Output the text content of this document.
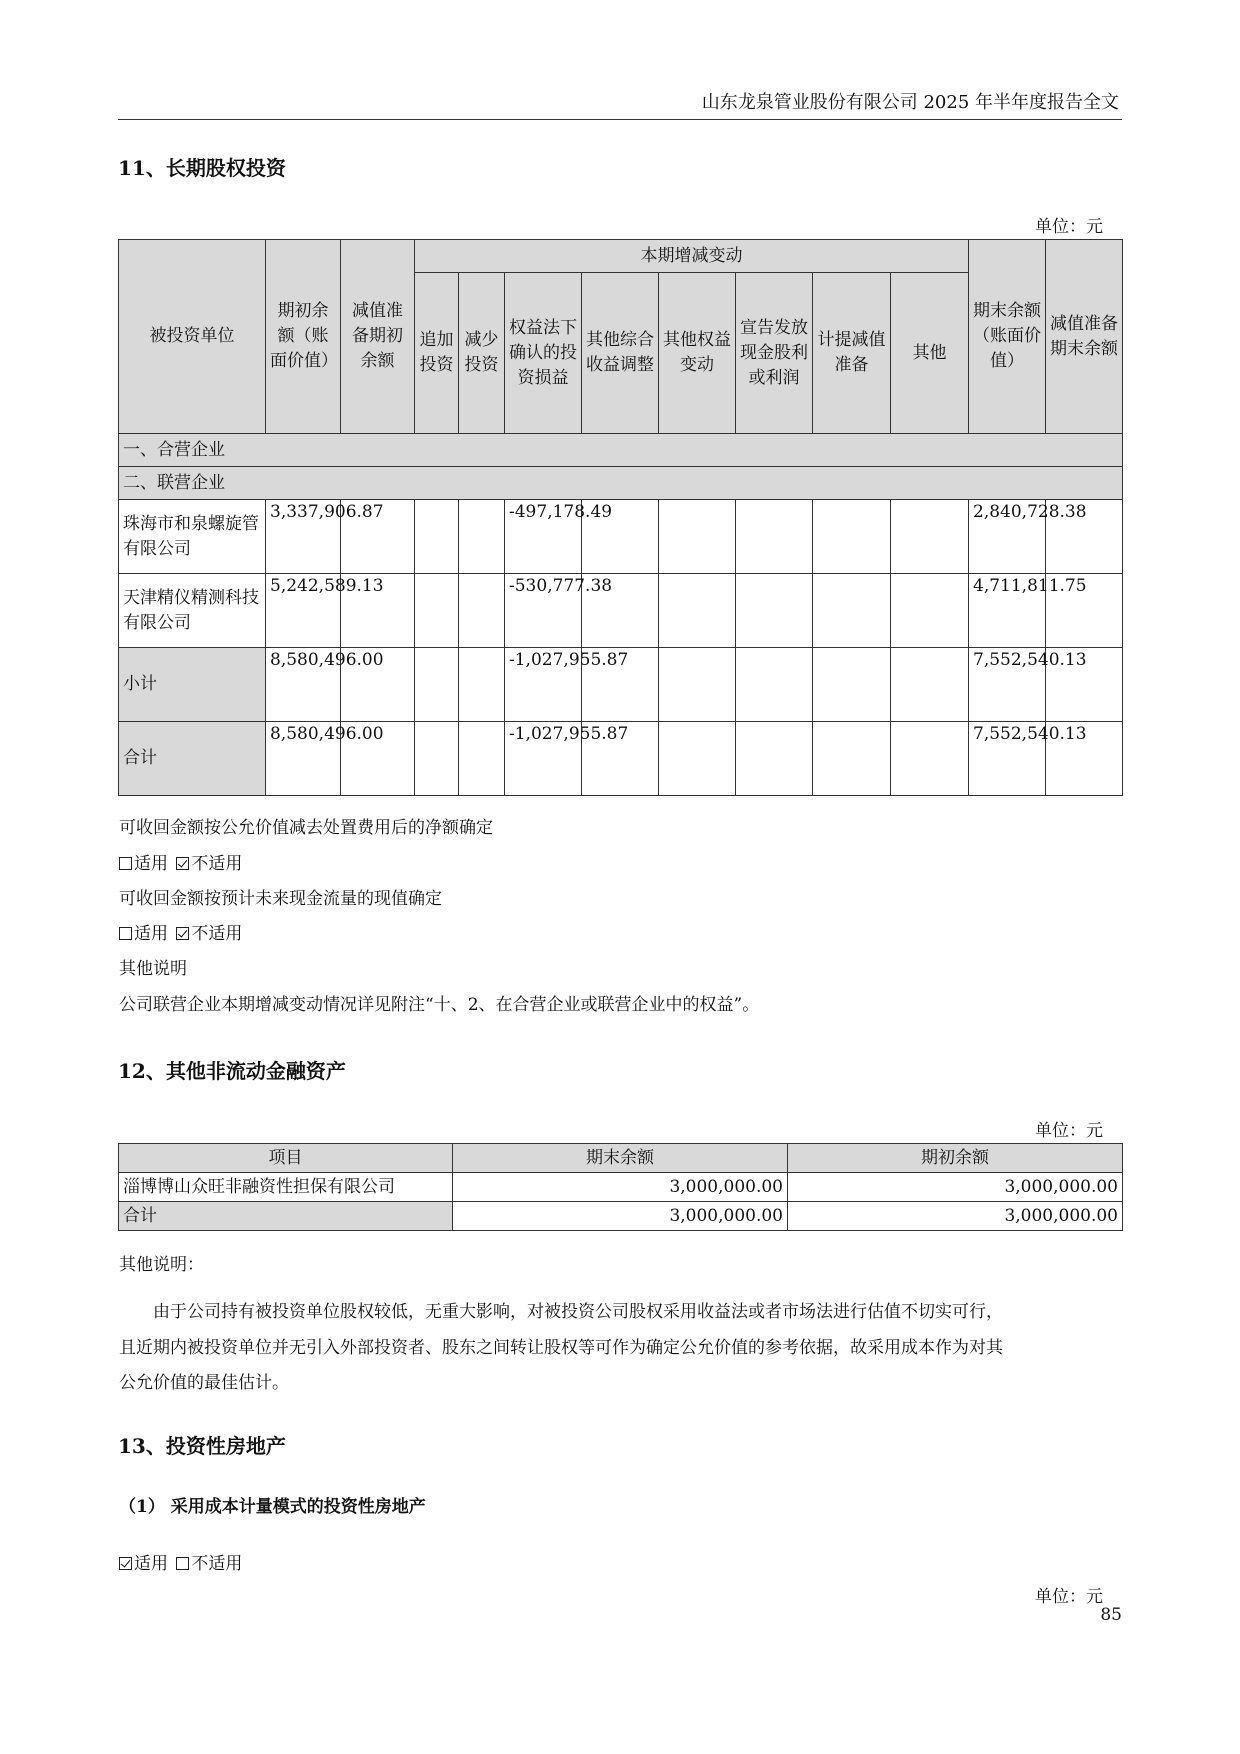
山东龙泉管业股份有限公司 2025 年半年度报告全文
11、长期股权投资
单位：元
被投资单位	期初余额（账面价值）	减值准备期初余额	本期增减变动								期末余额（账面价值）	减值准备期末余额
			追加投资	减少投资	权益法下确认的投资损益	其他综合收益调整	其他权益变动	宣告发放现金股利或利润	计提减值准备	其他		
一、合营企业												
二、联营企业												
珠海市和泉螺旋管有限公司	3,337,906.87				-497,178.49						2,840,728.38	
天津精仪精测科技有限公司	5,242,589.13				-530,777.38						4,711,811.75	
小计	8,580,496.00				-1,027,955.87						7,552,540.13	
合计	8,580,496.00				-1,027,955.87						7,552,540.13	
可收回金额按公允价值减去处置费用后的净额确定
适用 不适用
可收回金额按预计未来现金流量的现值确定
适用 不适用
其他说明
公司联营企业本期增减变动情况详见附注“十、2、在合营企业或联营企业中的权益”。
12、其他非流动金融资产
单位：元
项目	期末余额	期初余额
淄博博山众旺非融资性担保有限公司	3,000,000.00	3,000,000.00
合计	3,000,000.00	3,000,000.00
其他说明：
由于公司持有被投资单位股权较低，无重大影响，对被投资公司股权采用收益法或者市场法进行估值不切实可行，
且近期内被投资单位并无引入外部投资者、股东之间转让股权等可作为确定公允价值的参考依据，故采用成本作为对其
公允价值的最佳估计。
13、投资性房地产
（1） 采用成本计量模式的投资性房地产
适用 不适用
单位：元
85
